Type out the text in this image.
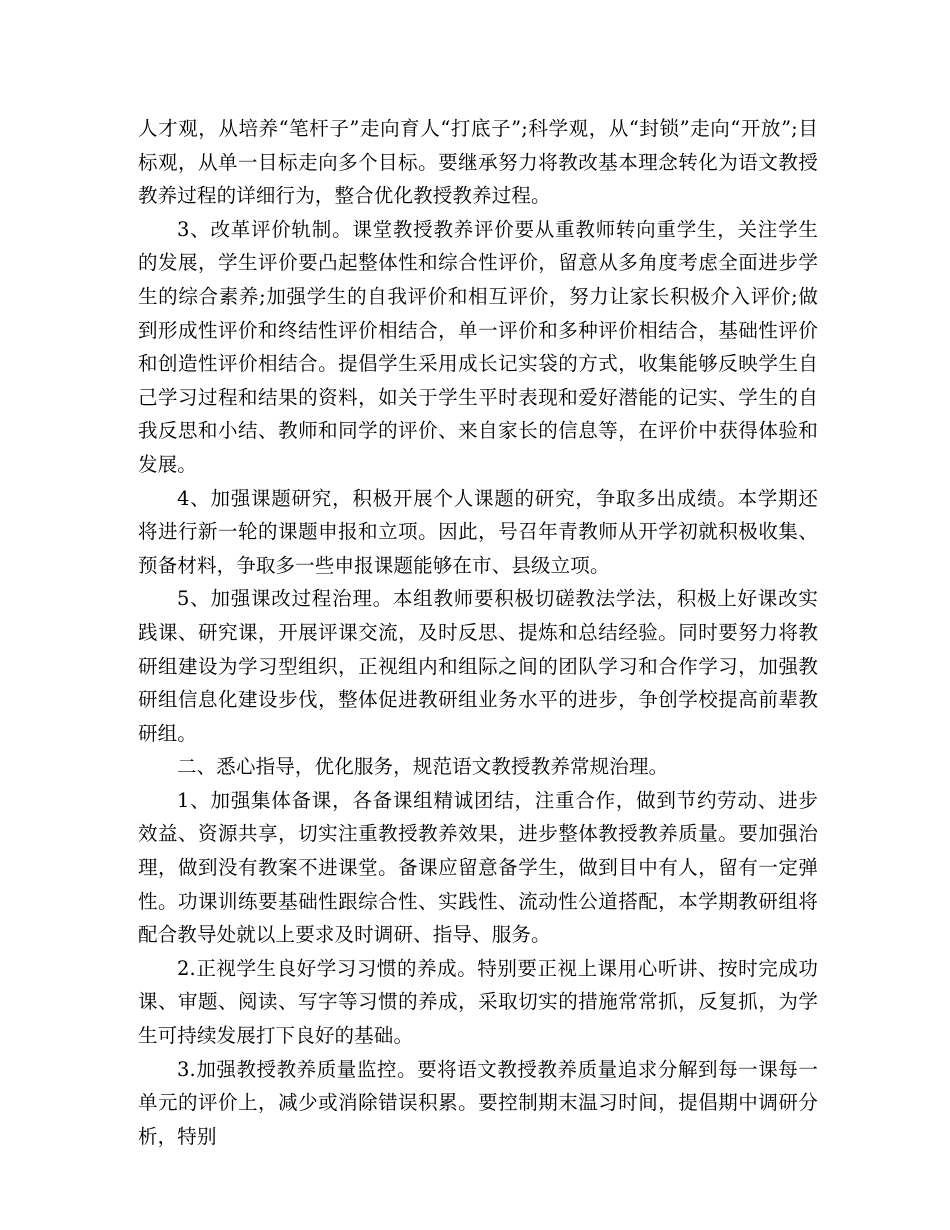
人才观，从培养“笔杆子”走向育人“打底子”;科学观，从“封锁”走向“开放”;目标观，从单一目标走向多个目标。要继承努力将教改基本理念转化为语文教授教养过程的详细行为，整合优化教授教养过程。

3、改革评价轨制。课堂教授教养评价要从重教师转向重学生，关注学生的发展，学生评价要凸起整体性和综合性评价，留意从多角度考虑全面进步学生的综合素养;加强学生的自我评价和相互评价，努力让家长积极介入评价;做到形成性评价和终结性评价相结合，单一评价和多种评价相结合，基础性评价和创造性评价相结合。提倡学生采用成长记实袋的方式，收集能够反映学生自己学习过程和结果的资料，如关于学生平时表现和爱好潜能的记实、学生的自我反思和小结、教师和同学的评价、来自家长的信息等，在评价中获得体验和发展。

4、加强课题研究，积极开展个人课题的研究，争取多出成绩。本学期还将进行新一轮的课题申报和立项。因此，号召年青教师从开学初就积极收集、预备材料，争取多一些申报课题能够在市、县级立项。

5、加强课改过程治理。本组教师要积极切磋教法学法，积极上好课改实践课、研究课，开展评课交流，及时反思、提炼和总结经验。同时要努力将教研组建设为学习型组织，正视组内和组际之间的团队学习和合作学习，加强教研组信息化建设步伐，整体促进教研组业务水平的进步，争创学校提高前辈教研组。

二、悉心指导，优化服务，规范语文教授教养常规治理。

1、加强集体备课，各备课组精诚团结，注重合作，做到节约劳动、进步效益、资源共享，切实注重教授教养效果，进步整体教授教养质量。要加强治理，做到没有教案不进课堂。备课应留意备学生，做到目中有人，留有一定弹性。功课训练要基础性跟综合性、实践性、流动性公道搭配，本学期教研组将配合教导处就以上要求及时调研、指导、服务。

2.正视学生良好学习习惯的养成。特别要正视上课用心听讲、按时完成功课、审题、阅读、写字等习惯的养成，采取切实的措施常常抓，反复抓，为学生可持续发展打下良好的基础。

3.加强教授教养质量监控。要将语文教授教养质量追求分解到每一课每一单元的评价上，减少或消除错误积累。要控制期末温习时间，提倡期中调研分析，特别
